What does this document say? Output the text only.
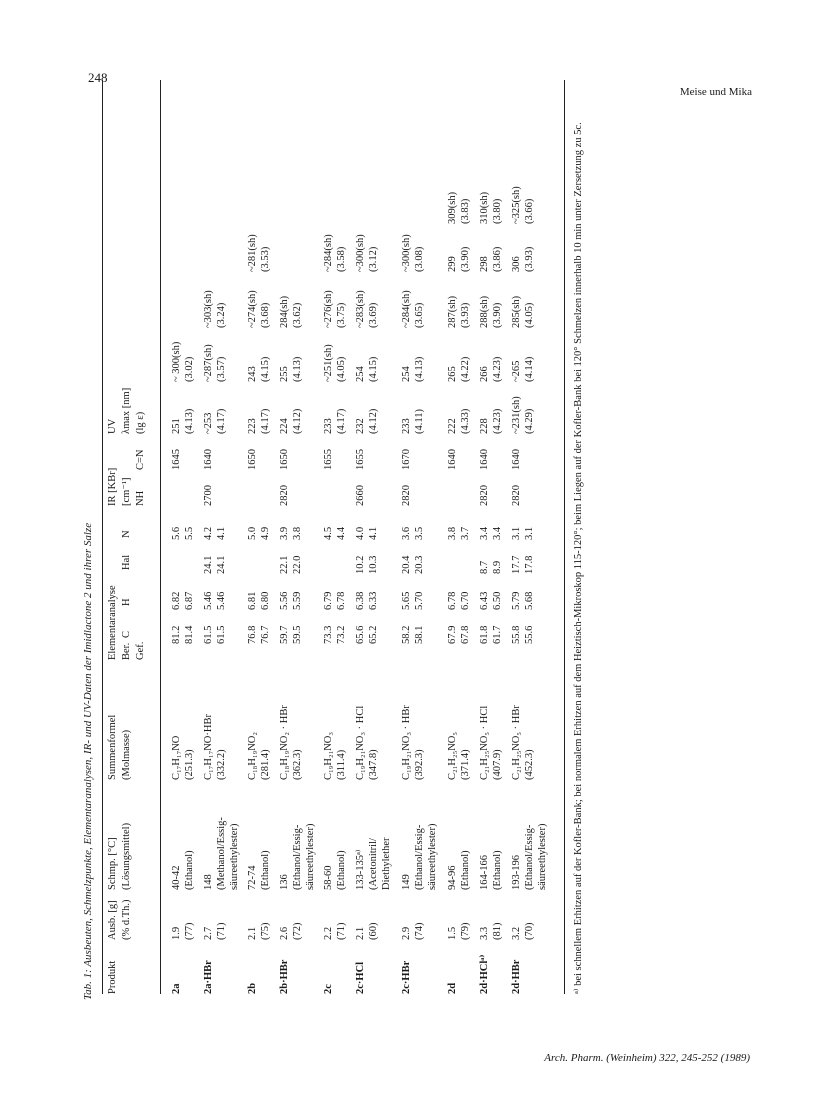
248
Meise und Mika
Arch. Pharm. (Weinheim) 322, 245-252 (1989)
Tab. 1: Ausbeuten, Schmelzpunkte, Elementaranalysen, IR- und UV-Daten der Imidlactone 2 und ihrer Salze Produkt
Ausb. [g] (% d.Th.)
Schmp. [°C] (Lösungsmittel)
Summenformel (Molmasse)
Elementaranalyse Ber. Gef.
C
H
Hal
N
IR [KBr] [cm⁻¹] NH
C=N
UV λmax [nm] (lg ε)
2a
1.9 (77)
40-42 (Ethanol)
C₁₇H₁₇NO (251.3)
81.2 81.4
6.82 6.87
5.6 5.5
1645
251 (4.13)
~ 300(sh) (3.02)
2a·HBr
2.7 (71)
148 (Methanol/Essig- säureethylester)
C₁₇H₁₇NO·HBr (332.2)
61.5 61.5
5.46 5.46
24.1 24.1
4.2 4.1
2700
1640
~253 (4.17)
~287(sh) (3.57)
~303(sh) (3.24)
2b
2.1 (75)
72-74 (Ethanol)
C₁₈H₁₉NO₂ (281.4)
76.8 76.7
6.81 6.80
5.0 4.9
1650
223 (4.17)
243 (4.15)
~274(sh) (3.68)
~281(sh) (3.53)
2b·HBr
2.6 (72)
136 (Ethanol/Essig- säureethylester)
C₁₈H₁₉NO₂ · HBr (362.3)
59.7 59.5
5.56 5.59
22.1 22.0
3.9 3.8
2820
1650
224 (4.12)
255 (4.13)
284(sh) (3.62)
2c
2.2 (71)
58-60 (Ethanol)
C₁₉H₂₁NO₃ (311.4)
73.3 73.2
6.79 6.78
4.5 4.4
1655
233 (4.17)
~251(sh) (4.05)
~276(sh) (3.75)
~284(sh) (3.58)
2c·HCl
2.1 (60)
133-135ᵃ⁾ (Acetonitril/ Diethylether
C₁₉H₂₁NO₃ · HCl (347.8)
65.6 65.2
6.38 6.33
10.2 10.3
4.0 4.1
2660
1655
232 (4.12)
254 (4.15)
~283(sh) (3.69)
~300(sh) (3.12)
2c·HBr
2.9 (74)
149 (Ethanol/Essig- säureethylester)
C₁₉H₂₁NO₃ · HBr (392.3)
58.2 58.1
5.65 5.70
20.4 20.3
3.6 3.5
2820
1670
233 (4.11)
254 (4.13)
~284(sh) (3.65)
~300(sh) (3.08)
2d
1.5 (79)
94-96 (Ethanol)
C₂₁H₂₅NO₅ (371.4)
67.9 67.8
6.78 6.70
3.8 3.7
1640
222 (4.33)
265 (4.22)
287(sh) (3.93)
299 (3.90)
309(sh) (3.83)
2d·HClᵃ⁾
3.3 (81)
164-166 (Ethanol)
C₂₁H₂₅NO₅ · HCl (407.9)
61.8 61.7
6.43 6.50
8.7 8.9
3.4 3.4
2820
1640
228 (4.23)
266 (4.23)
288(sh) (3.90)
298 (3.86)
310(sh) (3.80)
2d·HBr
3.2 (70)
193-196 (Ethanol/Essig- säureethylester)
C₂₁H₂₅NO₅ · HBr (452.3)
55.8 55.6
5.79 5.68
17.7 17.8
3.1 3.1
2820
1640
~231(sh) (4.29)
~265 (4.14)
285(sh) (4.05)
306 (3.93)
~325(sh) (3.66)	ᵃ⁾ bei schnellem Erhitzen auf der Kofler-Bank; bei normalem Erhitzen auf dem Heiztisch-Mikroskop 115-120°; beim Liegen auf der Kofler-Bank bei 120° Schmelzen innerhalb 10 min unter Zersetzung zu 5c.
